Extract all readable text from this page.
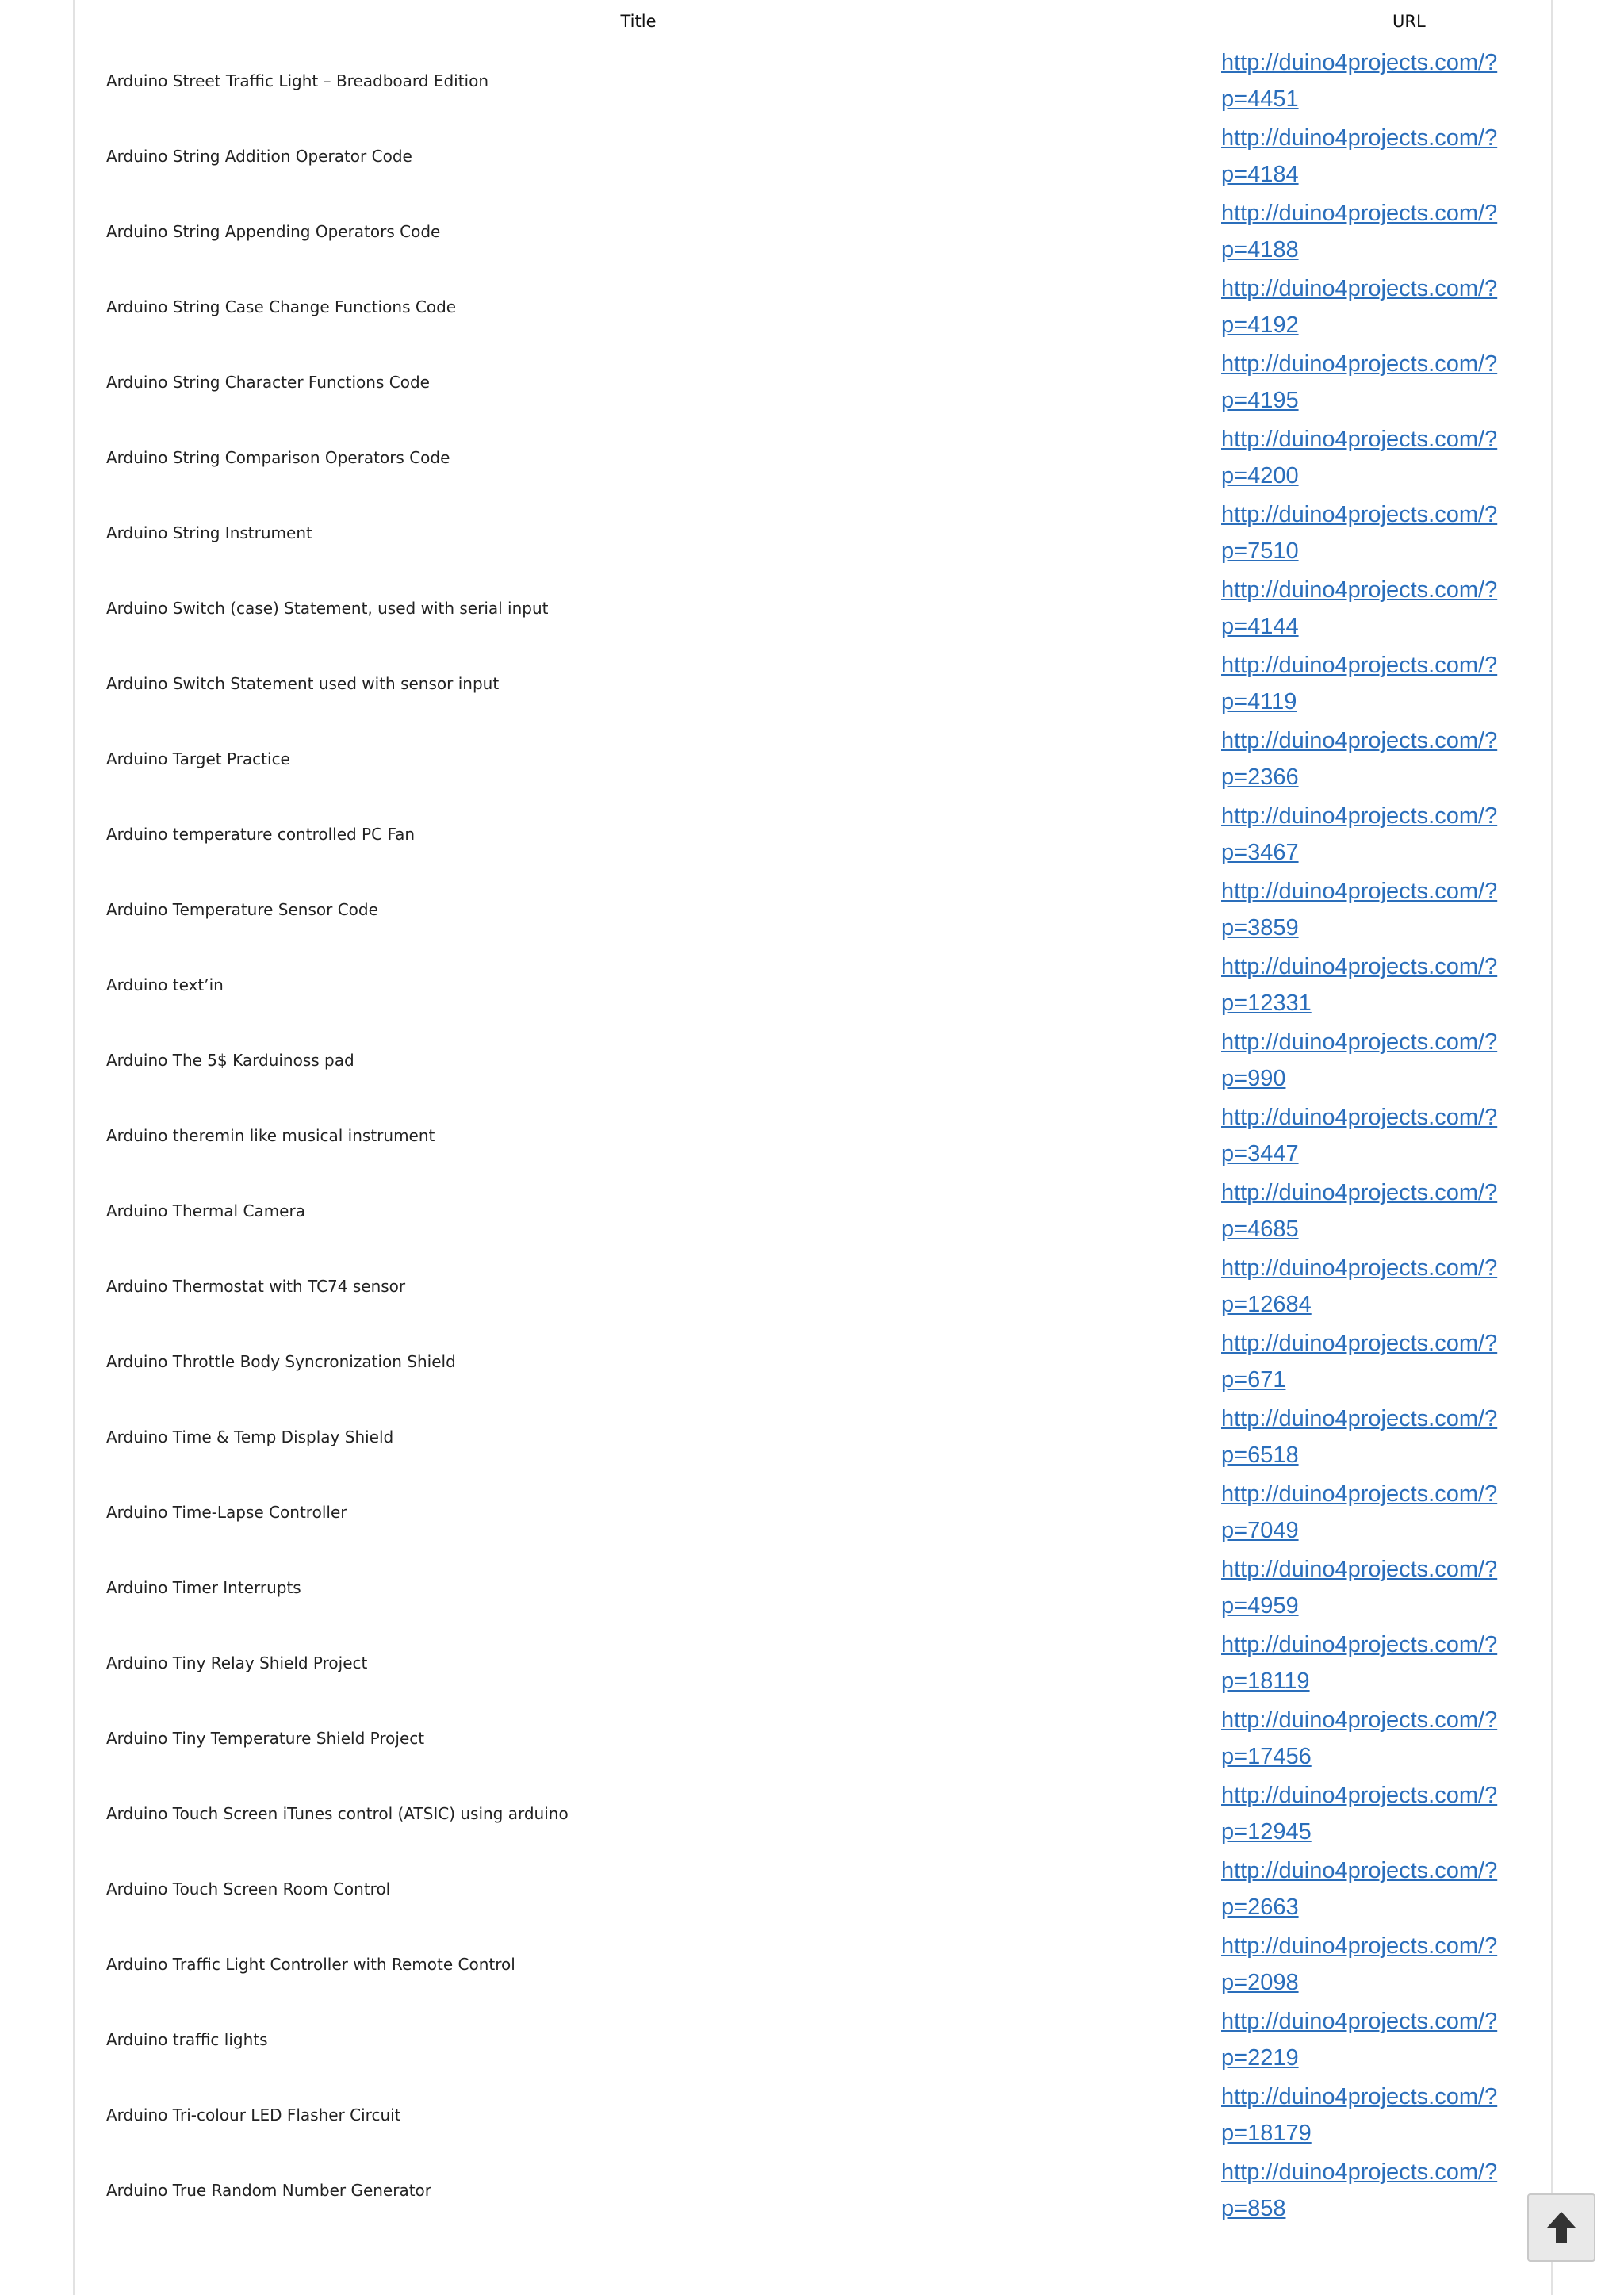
Title	URL
Arduino Street Traffic Light – Breadboard Edition	http://duino4projects.com/?p=4451

Arduino String Addition Operator Code	http://duino4projects.com/?p=4184

Arduino String Appending Operators Code	http://duino4projects.com/?p=4188

Arduino String Case Change Functions Code	http://duino4projects.com/?p=4192

Arduino String Character Functions Code	http://duino4projects.com/?p=4195

Arduino String Comparison Operators Code	http://duino4projects.com/?p=4200

Arduino String Instrument	http://duino4projects.com/?p=7510

Arduino Switch (case) Statement, used with serial input	http://duino4projects.com/?p=4144

Arduino Switch Statement used with sensor input	http://duino4projects.com/?p=4119

Arduino Target Practice	http://duino4projects.com/?p=2366

Arduino temperature controlled PC Fan	http://duino4projects.com/?p=3467

Arduino Temperature Sensor Code	http://duino4projects.com/?p=3859

Arduino text’in	http://duino4projects.com/?p=12331

Arduino The 5$ Karduinoss pad	http://duino4projects.com/?p=990

Arduino theremin like musical instrument	http://duino4projects.com/?p=3447

Arduino Thermal Camera	http://duino4projects.com/?p=4685

Arduino Thermostat with TC74 sensor	http://duino4projects.com/?p=12684

Arduino Throttle Body Syncronization Shield	http://duino4projects.com/?p=671

Arduino Time & Temp Display Shield	http://duino4projects.com/?p=6518

Arduino Time-Lapse Controller	http://duino4projects.com/?p=7049

Arduino Timer Interrupts	http://duino4projects.com/?p=4959

Arduino Tiny Relay Shield Project	http://duino4projects.com/?p=18119

Arduino Tiny Temperature Shield Project	http://duino4projects.com/?p=17456

Arduino Touch Screen iTunes control (ATSIC) using arduino	http://duino4projects.com/?p=12945

Arduino Touch Screen Room Control	http://duino4projects.com/?p=2663

Arduino Traffic Light Controller with Remote Control	http://duino4projects.com/?p=2098

Arduino traffic lights	http://duino4projects.com/?p=2219

Arduino Tri-colour LED Flasher Circuit	http://duino4projects.com/?p=18179

Arduino True Random Number Generator	http://duino4projects.com/?p=858
